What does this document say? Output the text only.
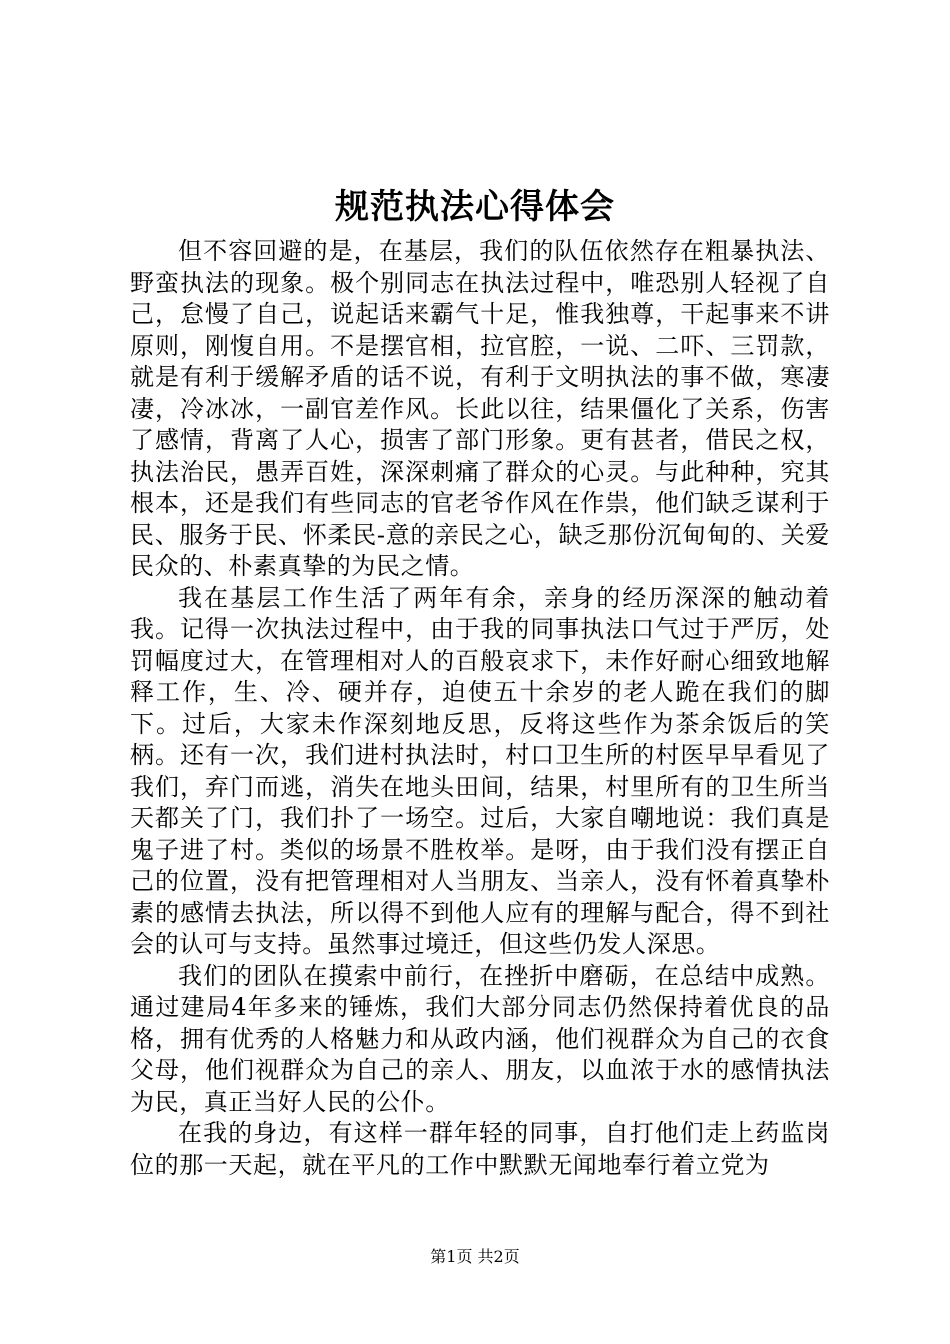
规范执法心得体会

但不容回避的是，在基层，我们的队伍依然存在粗暴执法、野蛮执法的现象。极个别同志在执法过程中，唯恐别人轻视了自己，怠慢了自己，说起话来霸气十足，惟我独尊，干起事来不讲原则，刚愎自用。不是摆官相，拉官腔，一说、二吓、三罚款，就是有利于缓解矛盾的话不说，有利于文明执法的事不做，寒凄凄，冷冰冰，一副官差作风。长此以往，结果僵化了关系，伤害了感情，背离了人心，损害了部门形象。更有甚者，借民之权，执法治民，愚弄百姓，深深刺痛了群众的心灵。与此种种，究其根本，还是我们有些同志的官老爷作风在作祟，他们缺乏谋利于民、服务于民、怀柔民-意的亲民之心，缺乏那份沉甸甸的、关爱民众的、朴素真挚的为民之情。

我在基层工作生活了两年有余，亲身的经历深深的触动着我。记得一次执法过程中，由于我的同事执法口气过于严厉，处罚幅度过大，在管理相对人的百般哀求下，未作好耐心细致地解释工作，生、冷、硬并存，迫使五十余岁的老人跪在我们的脚下。过后，大家未作深刻地反思，反将这些作为茶余饭后的笑柄。还有一次，我们进村执法时，村口卫生所的村医早早看见了我们，弃门而逃，消失在地头田间，结果，村里所有的卫生所当天都关了门，我们扑了一场空。过后，大家自嘲地说：我们真是鬼子进了村。类似的场景不胜枚举。是呀，由于我们没有摆正自己的位置，没有把管理相对人当朋友、当亲人，没有怀着真挚朴素的感情去执法，所以得不到他人应有的理解与配合，得不到社会的认可与支持。虽然事过境迁，但这些仍发人深思。

我们的团队在摸索中前行，在挫折中磨砺，在总结中成熟。通过建局4年多来的锤炼，我们大部分同志仍然保持着优良的品格，拥有优秀的人格魅力和从政内涵，他们视群众为自己的衣食父母，他们视群众为自己的亲人、朋友，以血浓于水的感情执法为民，真正当好人民的公仆。

在我的身边，有这样一群年轻的同事，自打他们走上药监岗位的那一天起，就在平凡的工作中默默无闻地奉行着立党为

第1页 共2页
